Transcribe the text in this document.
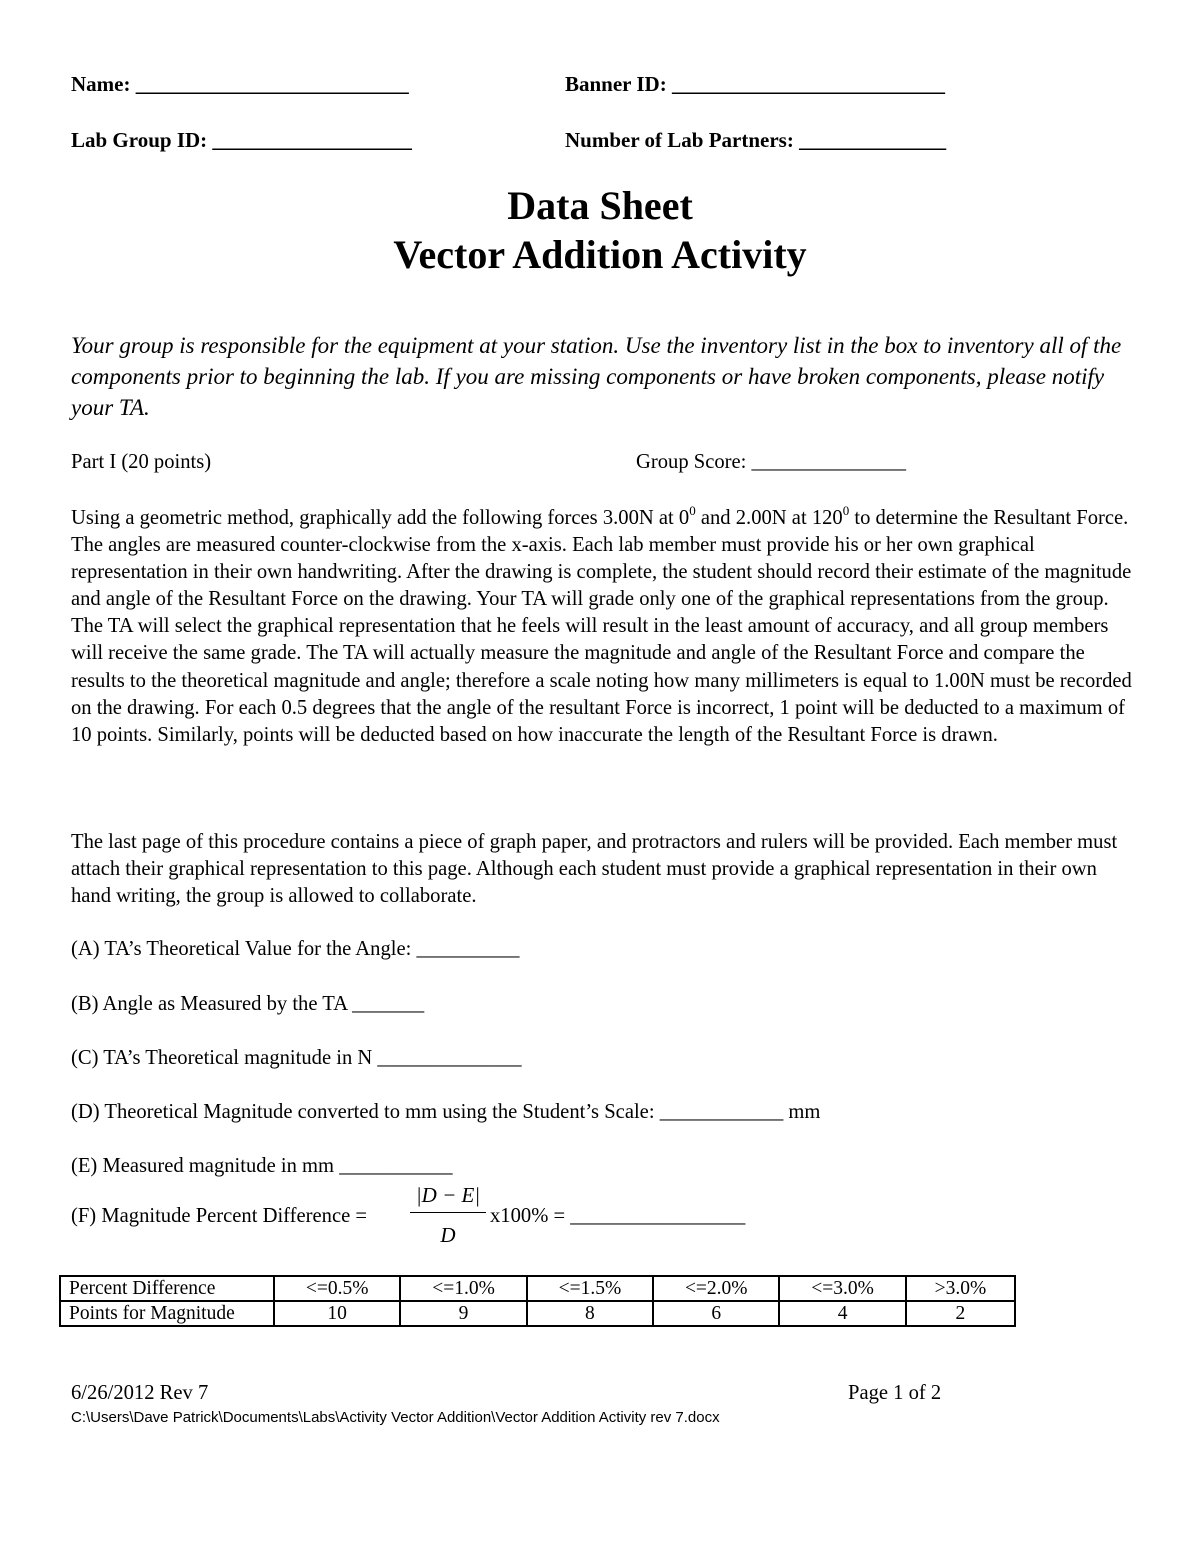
Name: __________________________	Banner ID: __________________________
Lab Group ID: ___________________	Number of Lab Partners: ______________
Data Sheet
Vector Addition Activity
Your group is responsible for the equipment at your station. Use the inventory list in the box to inventory all of the components prior to beginning the lab. If you are missing components or have broken components, please notify your TA.
Part I (20 points)	Group Score: _______________
Using a geometric method, graphically add the following forces 3.00N at $0^0$ and 2.00N at $120^0$ to determine the Resultant Force. The angles are measured counter-clockwise from the x-axis. Each lab member must provide his or her own graphical representation in their own handwriting. After the drawing is complete, the student should record their estimate of the magnitude and angle of the Resultant Force on the drawing. Your TA will grade only one of the graphical representations from the group. The TA will select the graphical representation that he feels will result in the least amount of accuracy, and all group members will receive the same grade. The TA will actually measure the magnitude and angle of the Resultant Force and compare the results to the theoretical magnitude and angle; therefore a scale noting how many millimeters is equal to 1.00N must be recorded on the drawing. For each 0.5 degrees that the angle of the resultant Force is incorrect, 1 point will be deducted to a maximum of 10 points. Similarly, points will be deducted based on how inaccurate the length of the Resultant Force is drawn.
The last page of this procedure contains a piece of graph paper, and protractors and rulers will be provided. Each member must attach their graphical representation to this page. Although each student must provide a graphical representation in their own hand writing, the group is allowed to collaborate.
(A) TA’s Theoretical Value for the Angle: __________
(B) Angle as Measured by the TA _______
(C) TA’s Theoretical magnitude in N ______________
(D) Theoretical Magnitude converted to mm using the Student’s Scale: ____________ mm
(E) Measured magnitude in mm ___________
(F) Magnitude Percent Difference =
|D − E|
D
x100% = _________________
Percent Difference	<=0.5%	<=1.0%	<=1.5%	<=2.0%	<=3.0%	>3.0%
Points for Magnitude	10	9	8	6	4	2
6/26/2012 Rev 7	Page 1 of 2
C:\Users\Dave Patrick\Documents\Labs\Activity Vector Addition\Vector Addition Activity rev 7.docx
